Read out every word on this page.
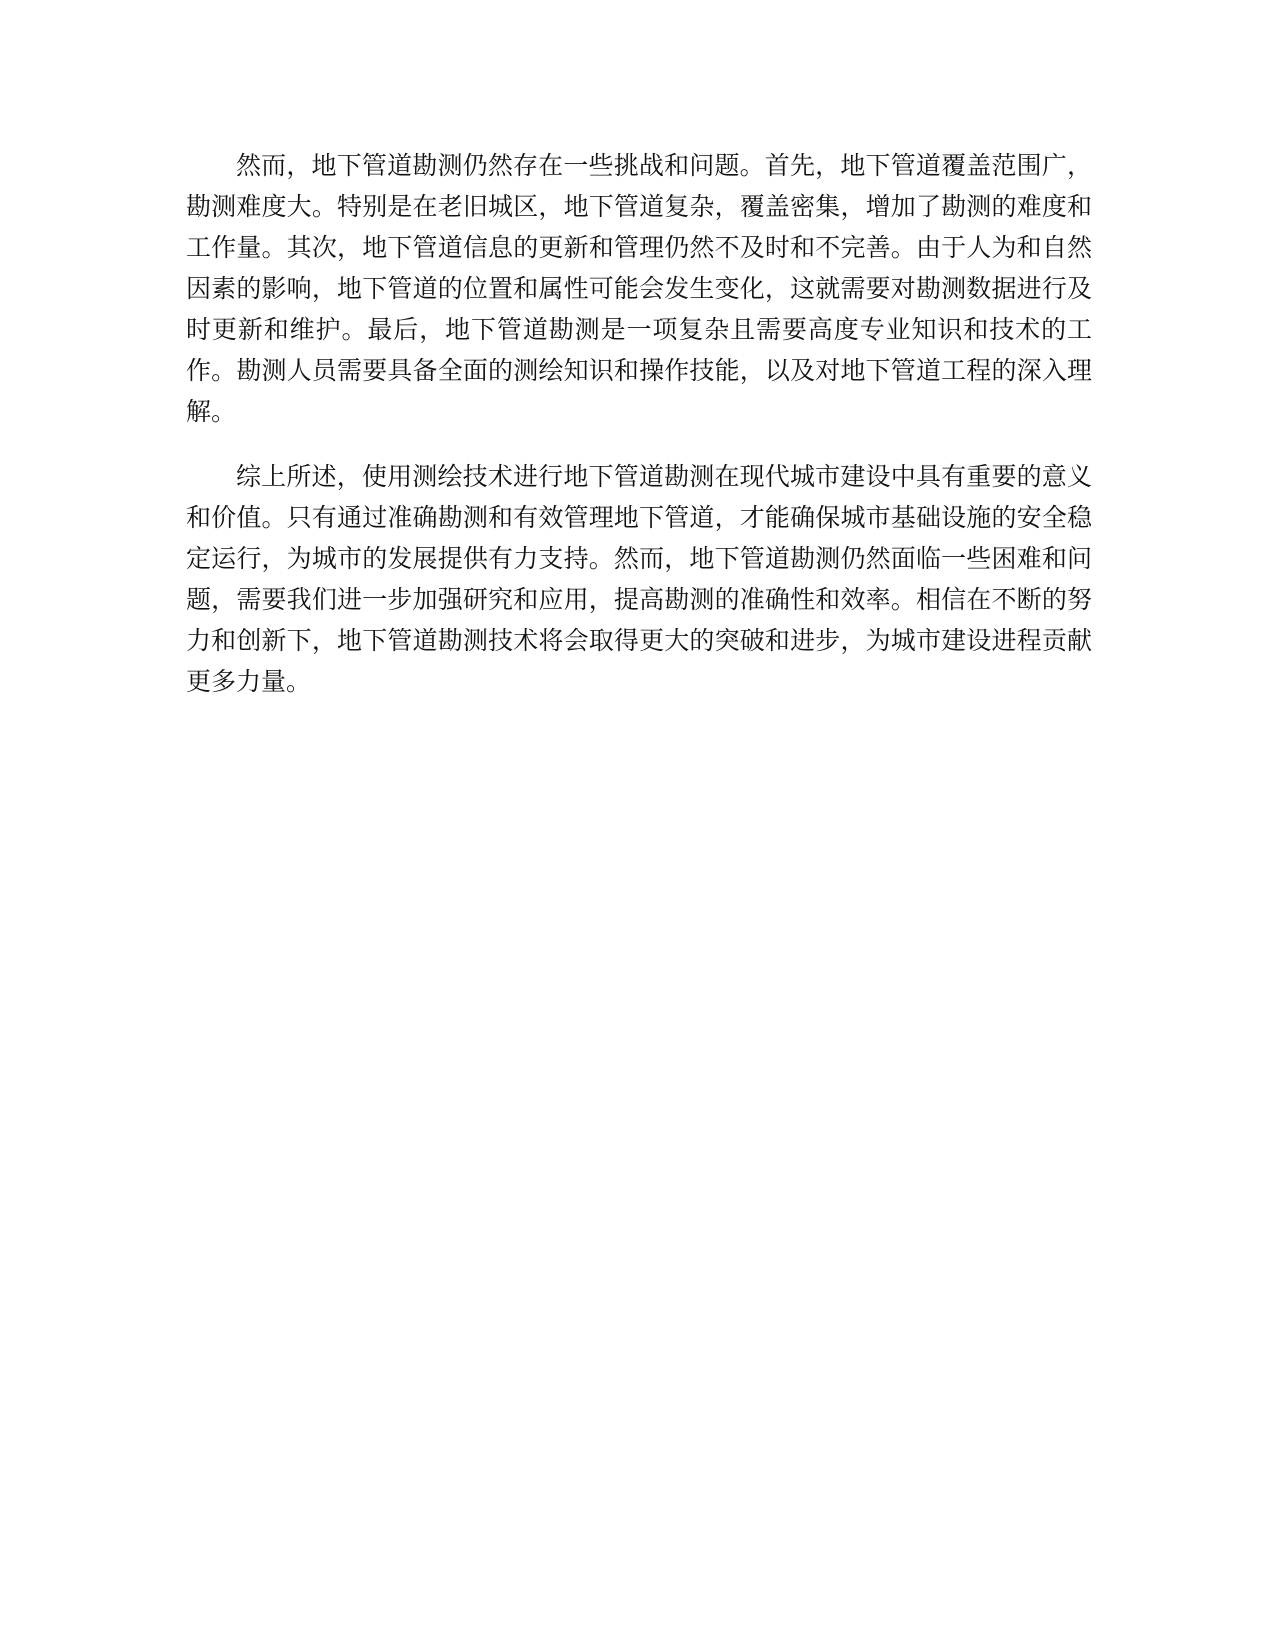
然而，地下管道勘测仍然存在一些挑战和问题。首先，地下管道覆盖范围广，勘测难度大。特别是在老旧城区，地下管道复杂，覆盖密集，增加了勘测的难度和工作量。其次，地下管道信息的更新和管理仍然不及时和不完善。由于人为和自然因素的影响，地下管道的位置和属性可能会发生变化，这就需要对勘测数据进行及时更新和维护。最后，地下管道勘测是一项复杂且需要高度专业知识和技术的工作。勘测人员需要具备全面的测绘知识和操作技能，以及对地下管道工程的深入理解。

综上所述，使用测绘技术进行地下管道勘测在现代城市建设中具有重要的意义和价值。只有通过准确勘测和有效管理地下管道，才能确保城市基础设施的安全稳定运行，为城市的发展提供有力支持。然而，地下管道勘测仍然面临一些困难和问题，需要我们进一步加强研究和应用，提高勘测的准确性和效率。相信在不断的努力和创新下，地下管道勘测技术将会取得更大的突破和进步，为城市建设进程贡献更多力量。
